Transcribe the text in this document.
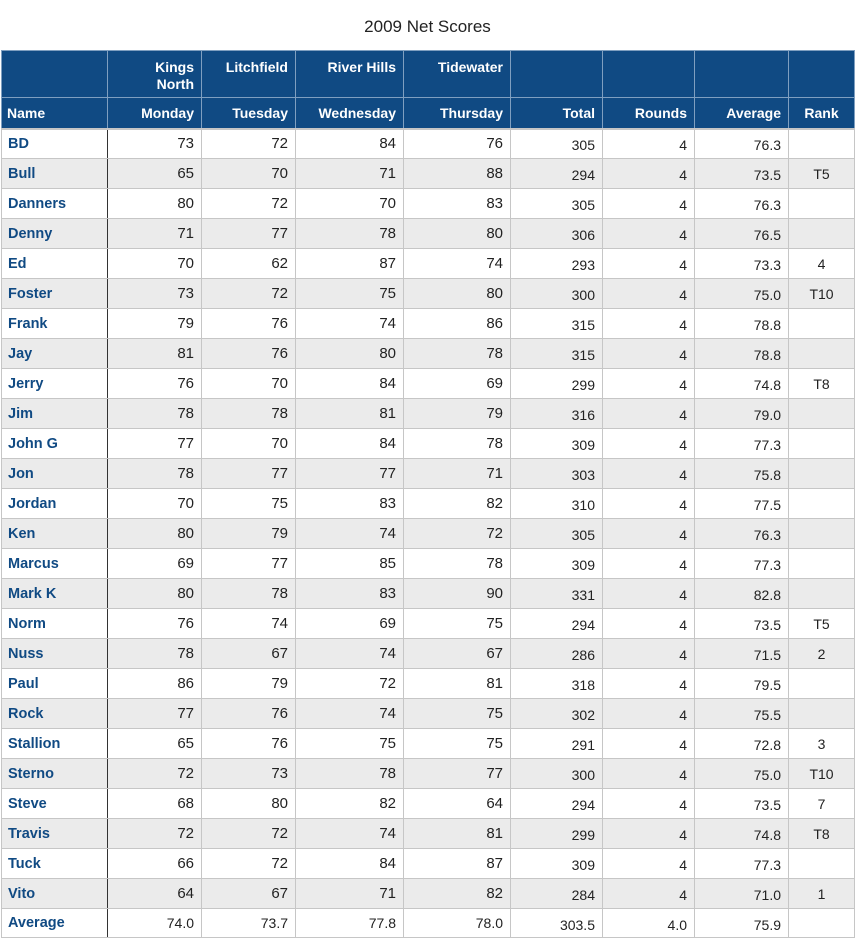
2009 Net Scores
	Kings North	Litchfield	River Hills	Tidewater				
Name	Monday	Tuesday	Wednesday	Thursday	Total	Rounds	Average	Rank
BD	73	72	84	76	305	4	76.3	
Bull	65	70	71	88	294	4	73.5	T5
Danners	80	72	70	83	305	4	76.3	
Denny	71	77	78	80	306	4	76.5	
Ed	70	62	87	74	293	4	73.3	4
Foster	73	72	75	80	300	4	75.0	T10
Frank	79	76	74	86	315	4	78.8	
Jay	81	76	80	78	315	4	78.8	
Jerry	76	70	84	69	299	4	74.8	T8
Jim	78	78	81	79	316	4	79.0	
John G	77	70	84	78	309	4	77.3	
Jon	78	77	77	71	303	4	75.8	
Jordan	70	75	83	82	310	4	77.5	
Ken	80	79	74	72	305	4	76.3	
Marcus	69	77	85	78	309	4	77.3	
Mark K	80	78	83	90	331	4	82.8	
Norm	76	74	69	75	294	4	73.5	T5
Nuss	78	67	74	67	286	4	71.5	2
Paul	86	79	72	81	318	4	79.5	
Rock	77	76	74	75	302	4	75.5	
Stallion	65	76	75	75	291	4	72.8	3
Sterno	72	73	78	77	300	4	75.0	T10
Steve	68	80	82	64	294	4	73.5	7
Travis	72	72	74	81	299	4	74.8	T8
Tuck	66	72	84	87	309	4	77.3	
Vito	64	67	71	82	284	4	71.0	1
Average	74.0	73.7	77.8	78.0	303.5	4.0	75.9	
